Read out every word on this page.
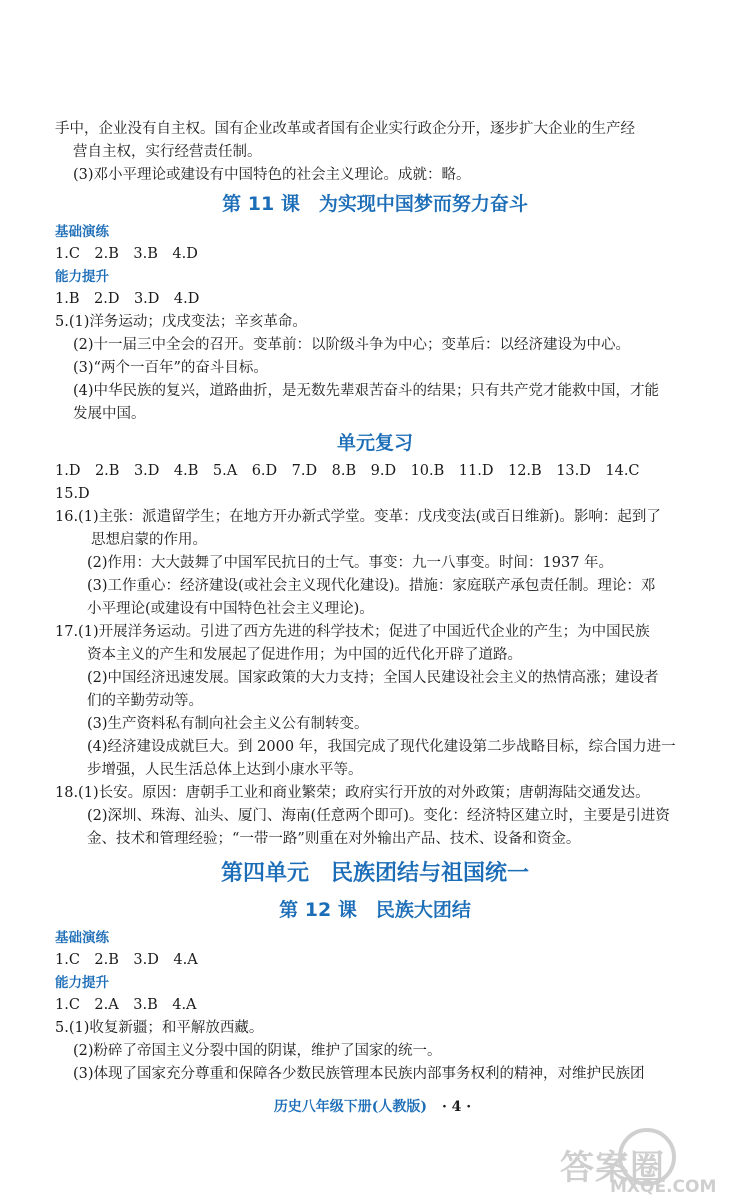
手中，企业没有自主权。国有企业改革或者国有企业实行政企分开，逐步扩大企业的生产经
营自主权，实行经营责任制。
(3)邓小平理论或建设有中国特色的社会主义理论。成就：略。
第 11 课　为实现中国梦而努力奋斗
基础演练
1.C　2.B　3.B　4.D
能力提升
1.B　2.D　3.D　4.D
5.(1)洋务运动；戊戌变法；辛亥革命。
(2)十一届三中全会的召开。变革前：以阶级斗争为中心；变革后：以经济建设为中心。
(3)“两个一百年”的奋斗目标。
(4)中华民族的复兴，道路曲折，是无数先辈艰苦奋斗的结果；只有共产党才能救中国，才能
发展中国。
单元复习
1.D　2.B　3.D　4.B　5.A　6.D　7.D　8.B　9.D　10.B　11.D　12.B　13.D　14.C
15.D
16.(1)主张：派遣留学生；在地方开办新式学堂。变革：戊戌变法(或百日维新)。影响：起到了
思想启蒙的作用。
(2)作用：大大鼓舞了中国军民抗日的士气。事变：九一八事变。时间：1937 年。
(3)工作重心：经济建设(或社会主义现代化建设)。措施：家庭联产承包责任制。理论：邓
小平理论(或建设有中国特色社会主义理论)。
17.(1)开展洋务运动。引进了西方先进的科学技术；促进了中国近代企业的产生；为中国民族
资本主义的产生和发展起了促进作用；为中国的近代化开辟了道路。
(2)中国经济迅速发展。国家政策的大力支持；全国人民建设社会主义的热情高涨；建设者
们的辛勤劳动等。
(3)生产资料私有制向社会主义公有制转变。
(4)经济建设成就巨大。到 2000 年，我国完成了现代化建设第二步战略目标，综合国力进一
步增强，人民生活总体上达到小康水平等。
18.(1)长安。原因：唐朝手工业和商业繁荣；政府实行开放的对外政策；唐朝海陆交通发达。
(2)深圳、珠海、汕头、厦门、海南(任意两个即可)。变化：经济特区建立时，主要是引进资
金、技术和管理经验；“一带一路”则重在对外输出产品、技术、设备和资金。
第四单元　民族团结与祖国统一
第 12 课　民族大团结
基础演练
1.C　2.B　3.D　4.A
能力提升
1.C　2.A　3.B　4.A
5.(1)收复新疆；和平解放西藏。
(2)粉碎了帝国主义分裂中国的阴谋，维护了国家的统一。
(3)体现了国家充分尊重和保障各少数民族管理本民族内部事务权利的精神，对维护民族团
历史八年级下册(人教版) · 4 ·
答案圈
MXQE.COM
